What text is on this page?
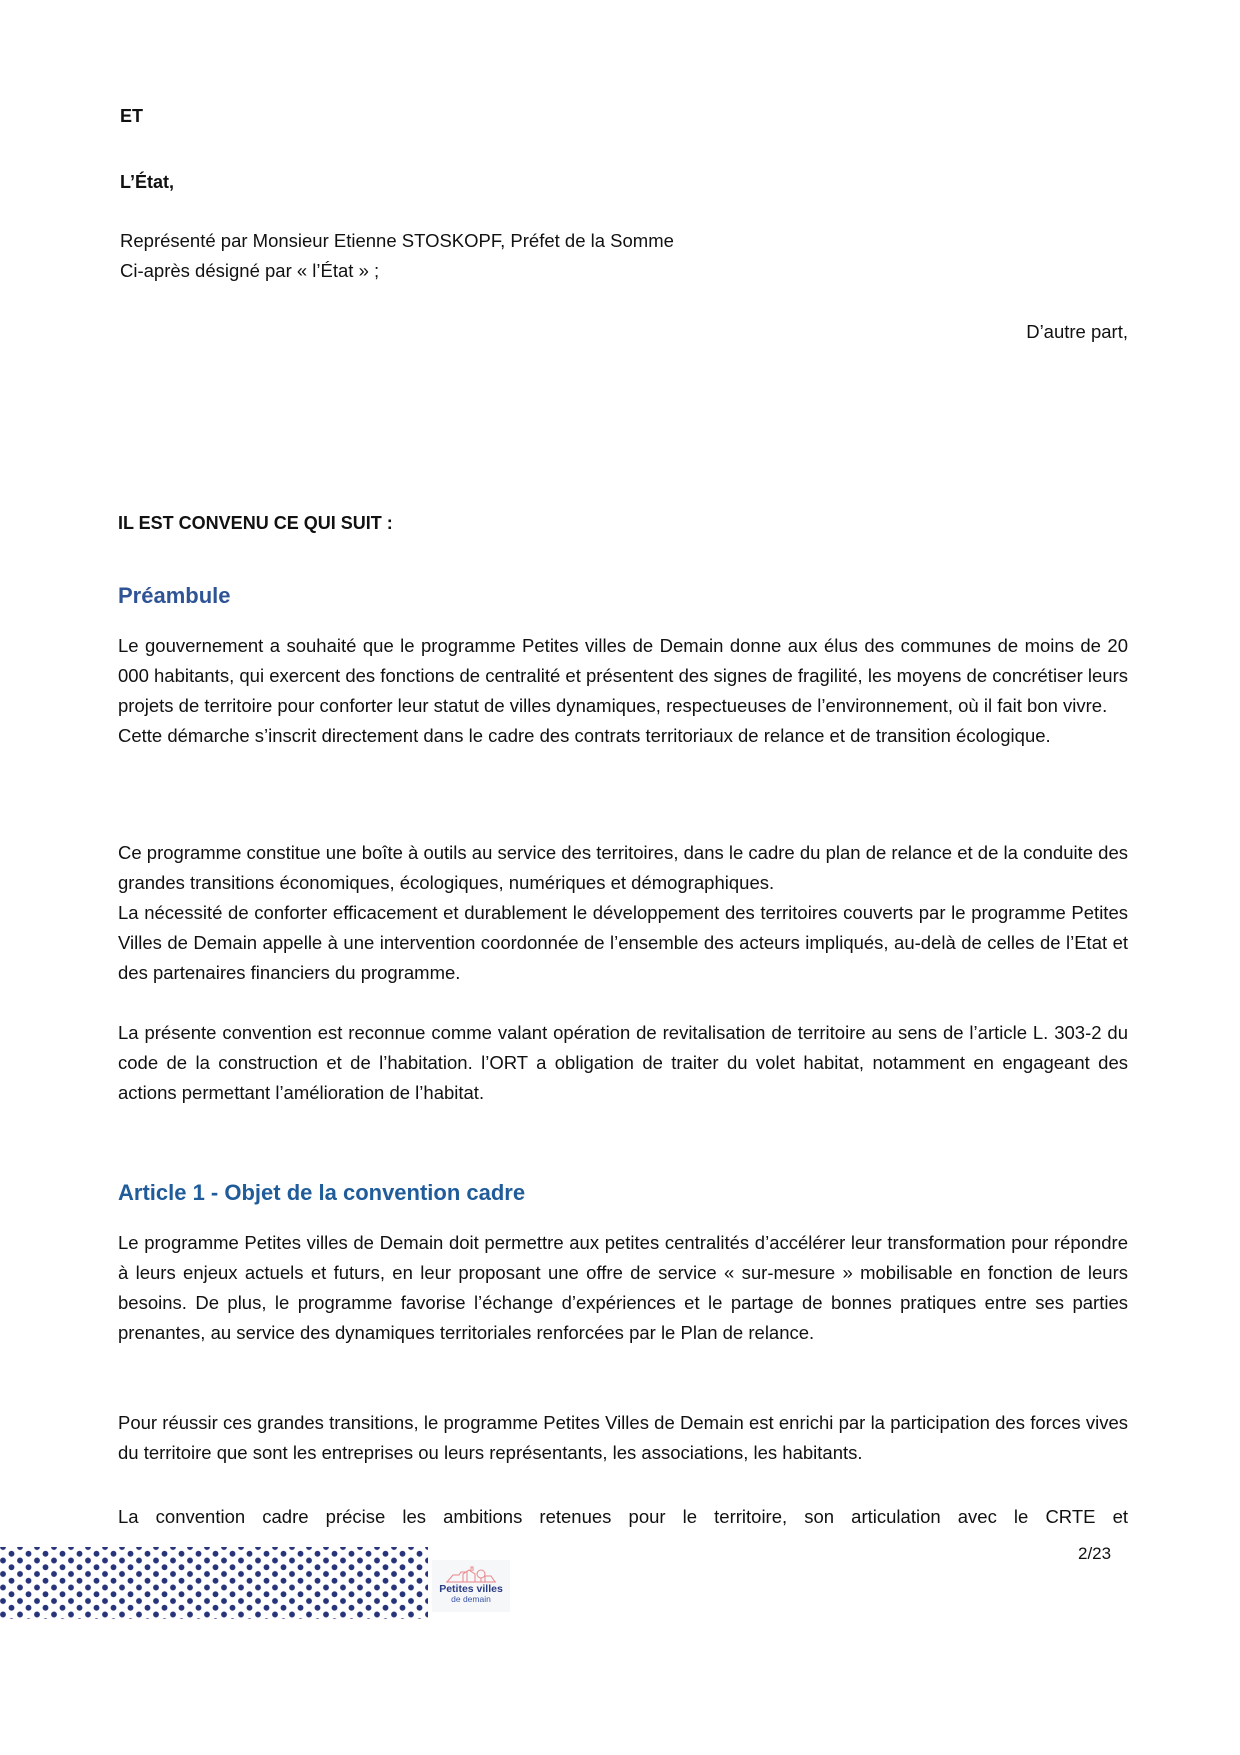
ET
L’État,
Représenté par Monsieur Etienne STOSKOPF, Préfet de la Somme
Ci-après désigné par « l’État » ;
D’autre part,
IL EST CONVENU CE QUI SUIT :
Préambule

Le gouvernement a souhaité que le programme Petites villes de Demain donne aux élus des communes de moins de 20 000 habitants, qui exercent des fonctions de centralité et présentent des signes de fragilité, les moyens de concrétiser leurs projets de territoire pour conforter leur statut de villes dynamiques, respectueuses de l’environnement, où il fait bon vivre.

Cette démarche s’inscrit directement dans le cadre des contrats territoriaux de relance et de transition écologique.

Ce programme constitue une boîte à outils au service des territoires, dans le cadre du plan de relance et de la conduite des grandes transitions économiques, écologiques, numériques et démographiques.

La nécessité de conforter efficacement et durablement le développement des territoires couverts par le programme Petites Villes de Demain appelle à une intervention coordonnée de l’ensemble des acteurs impliqués, au-delà de celles de l’Etat et des partenaires financiers du programme.

La présente convention est reconnue comme valant opération de revitalisation de territoire au sens de l’article L. 303-2 du code de la construction et de l’habitation. l’ORT a obligation de traiter du volet habitat, notamment en engageant des actions permettant l’amélioration de l’habitat.

Article 1 - Objet de la convention cadre

Le programme Petites villes de Demain doit permettre aux petites centralités d’accélérer leur transformation pour répondre à leurs enjeux actuels et futurs, en leur proposant une offre de service « sur-mesure » mobilisable en fonction de leurs besoins. De plus, le programme favorise l’échange d’expériences et le partage de bonnes pratiques entre ses parties prenantes, au service des dynamiques territoriales renforcées par le Plan de relance.

Pour réussir ces grandes transitions, le programme Petites Villes de Demain est enrichi par la participation des forces vives du territoire que sont les entreprises ou leurs représentants, les associations, les habitants.

La convention cadre précise les ambitions retenues pour le territoire, son articulation avec le CRTE et

2/23
Petites villes
de demain
